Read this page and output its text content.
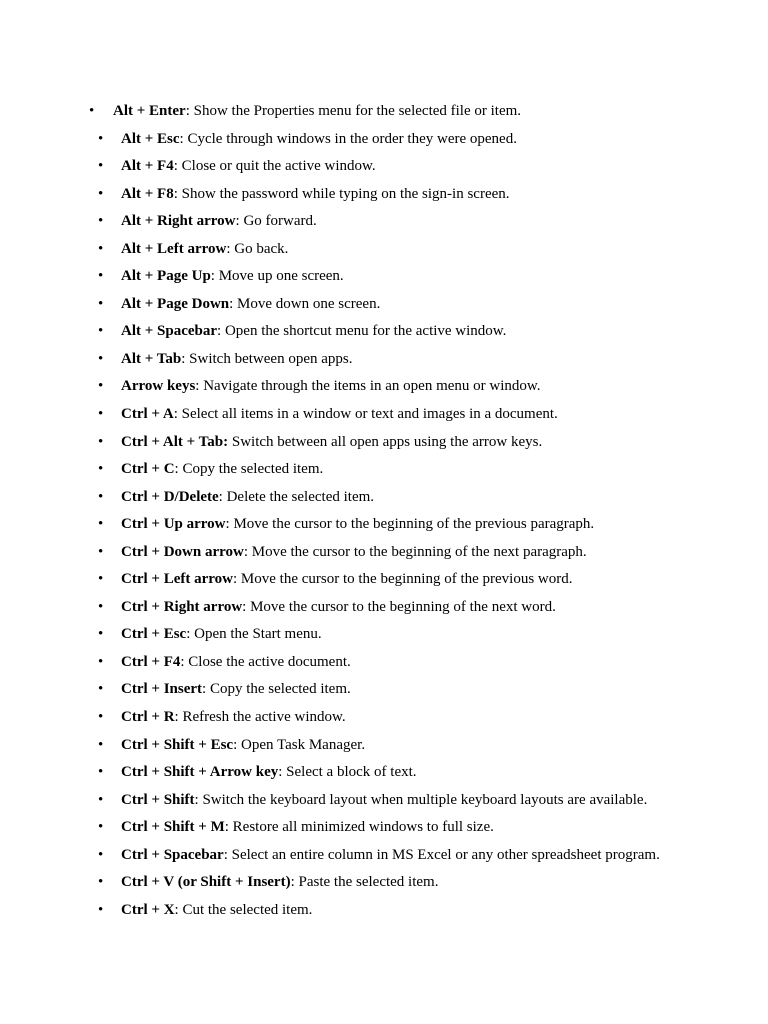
• Alt + Enter: Show the Properties menu for the selected file or item.
• Alt + Esc: Cycle through windows in the order they were opened.
• Alt + F4: Close or quit the active window.
• Alt + F8: Show the password while typing on the sign-in screen.
• Alt + Right arrow: Go forward.
• Alt + Left arrow: Go back.
• Alt + Page Up: Move up one screen.
• Alt + Page Down: Move down one screen.
• Alt + Spacebar: Open the shortcut menu for the active window.
• Alt + Tab: Switch between open apps.
• Arrow keys: Navigate through the items in an open menu or window.
• Ctrl + A: Select all items in a window or text and images in a document.
• Ctrl + Alt + Tab: Switch between all open apps using the arrow keys.
• Ctrl + C: Copy the selected item.
• Ctrl + D/Delete: Delete the selected item.
• Ctrl + Up arrow: Move the cursor to the beginning of the previous paragraph.
• Ctrl + Down arrow: Move the cursor to the beginning of the next paragraph.
• Ctrl + Left arrow: Move the cursor to the beginning of the previous word.
• Ctrl + Right arrow: Move the cursor to the beginning of the next word.
• Ctrl + Esc: Open the Start menu.
• Ctrl + F4: Close the active document.
• Ctrl + Insert: Copy the selected item.
• Ctrl + R: Refresh the active window.
• Ctrl + Shift + Esc: Open Task Manager.
• Ctrl + Shift + Arrow key: Select a block of text.
• Ctrl + Shift: Switch the keyboard layout when multiple keyboard layouts are available.
• Ctrl + Shift + M: Restore all minimized windows to full size.
• Ctrl + Spacebar: Select an entire column in MS Excel or any other spreadsheet program.
• Ctrl + V (or Shift + Insert): Paste the selected item.
• Ctrl + X: Cut the selected item.
